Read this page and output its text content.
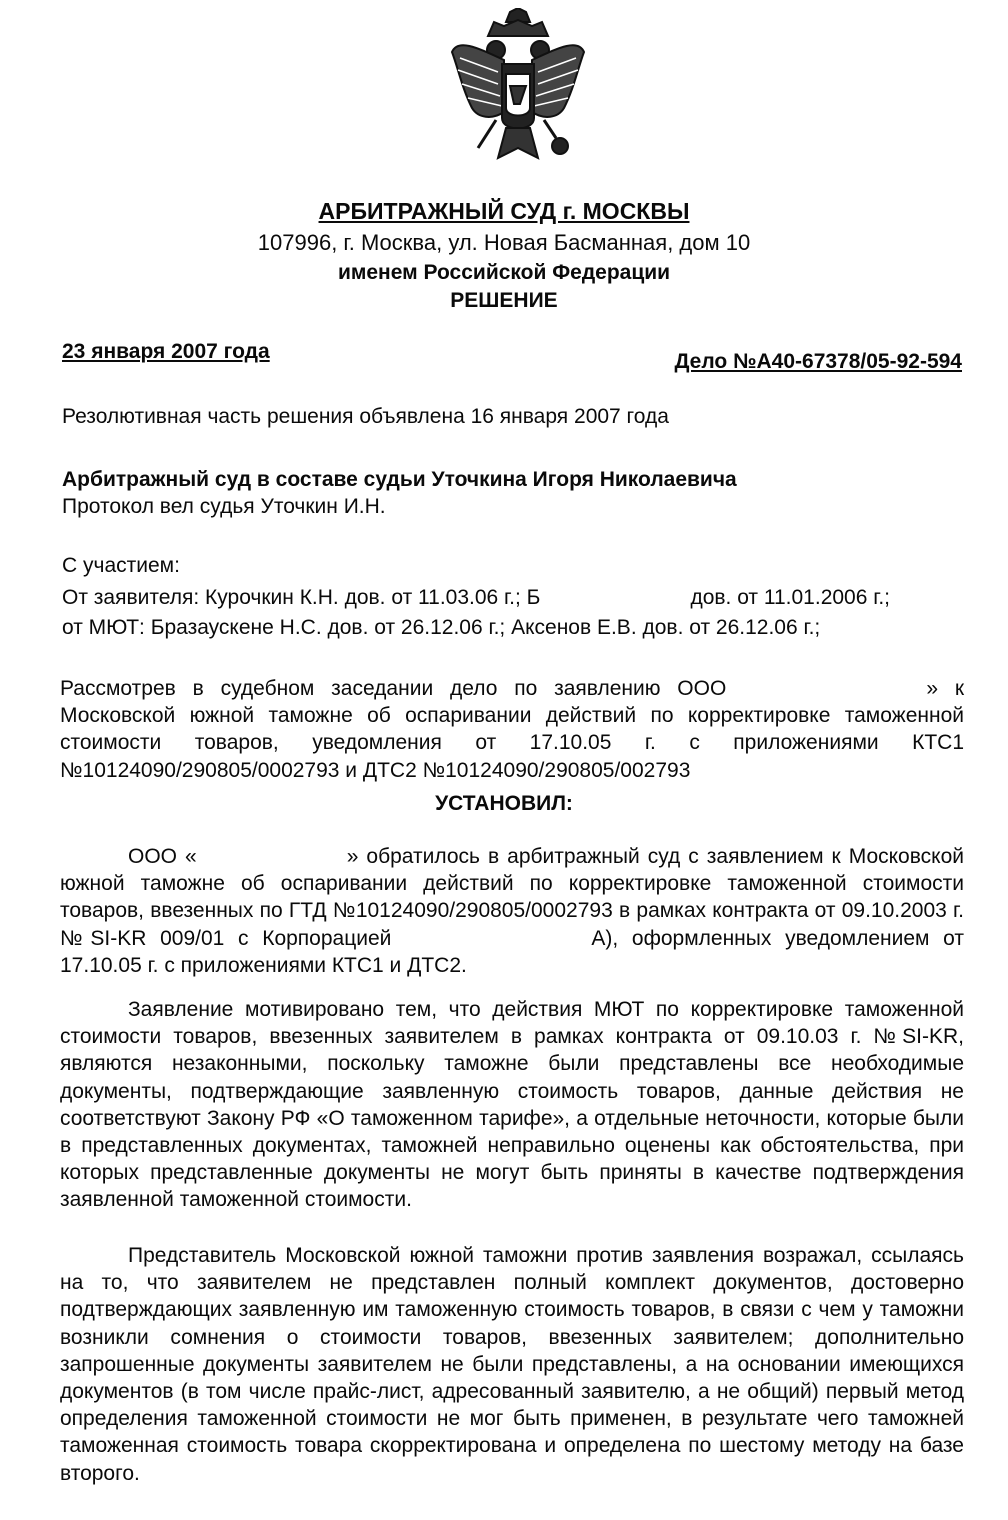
АРБИТРАЖНЫЙ СУД г. МОСКВЫ
107996, г. Москва, ул. Новая Басманная, дом 10
именем Российской Федерации
РЕШЕНИЕ
23 января 2007 года	Дело №А40-67378/05-92-594
Резолютивная часть решения объявлена 16 января 2007 года
Арбитражный суд в составе судьи Уточкина Игоря Николаевича
Протокол вел судья Уточкин И.Н.
С участием:
От заявителя: Курочкин К.Н. дов. от 11.03.06 г.; Б	дов. от 11.01.2006 г.;
от МЮТ: Бразаускене Н.С. дов. от 26.12.06 г.; Аксенов Е.В. дов. от 26.12.06 г.;
Рассмотрев в судебном заседании дело по заявлению ООО	» к Московской южной таможне об оспаривании действий по корректировке таможенной стоимости товаров, уведомления от 17.10.05 г. с приложениями КТС1 №10124090/290805/0002793 и ДТС2 №10124090/290805/002793
УСТАНОВИЛ:
ООО «	» обратилось в арбитражный суд с заявлением к Московской южной таможне об оспаривании действий по корректировке таможенной стоимости товаров, ввезенных по ГТД №10124090/290805/0002793 в рамках контракта от 09.10.2003 г. №SI-KR 009/01 с Корпорацией	А), оформленных уведомлением от 17.10.05 г. с приложениями КТС1 и ДТС2.
Заявление мотивировано тем, что действия МЮТ по корректировке таможенной стоимости товаров, ввезенных заявителем в рамках контракта от 09.10.03 г. №SI-KR, являются незаконными, поскольку таможне были представлены все необходимые документы, подтверждающие заявленную стоимость товаров, данные действия не соответствуют Закону РФ «О таможенном тарифе», а отдельные неточности, которые были в представленных документах, таможней неправильно оценены как обстоятельства, при которых представленные документы не могут быть приняты в качестве подтверждения заявленной таможенной стоимости.
Представитель Московской южной таможни против заявления возражал, ссылаясь на то, что заявителем не представлен полный комплект документов, достоверно подтверждающих заявленную им таможенную стоимость товаров, в связи с чем у таможни возникли сомнения о стоимости товаров, ввезенных заявителем; дополнительно запрошенные документы заявителем не были представлены, а на основании имеющихся документов (в том числе прайс-лист, адресованный заявителю, а не общий) первый метод определения таможенной стоимости не мог быть применен, в результате чего таможней таможенная стоимость товара скорректирована и определена по шестому методу на базе второго.
